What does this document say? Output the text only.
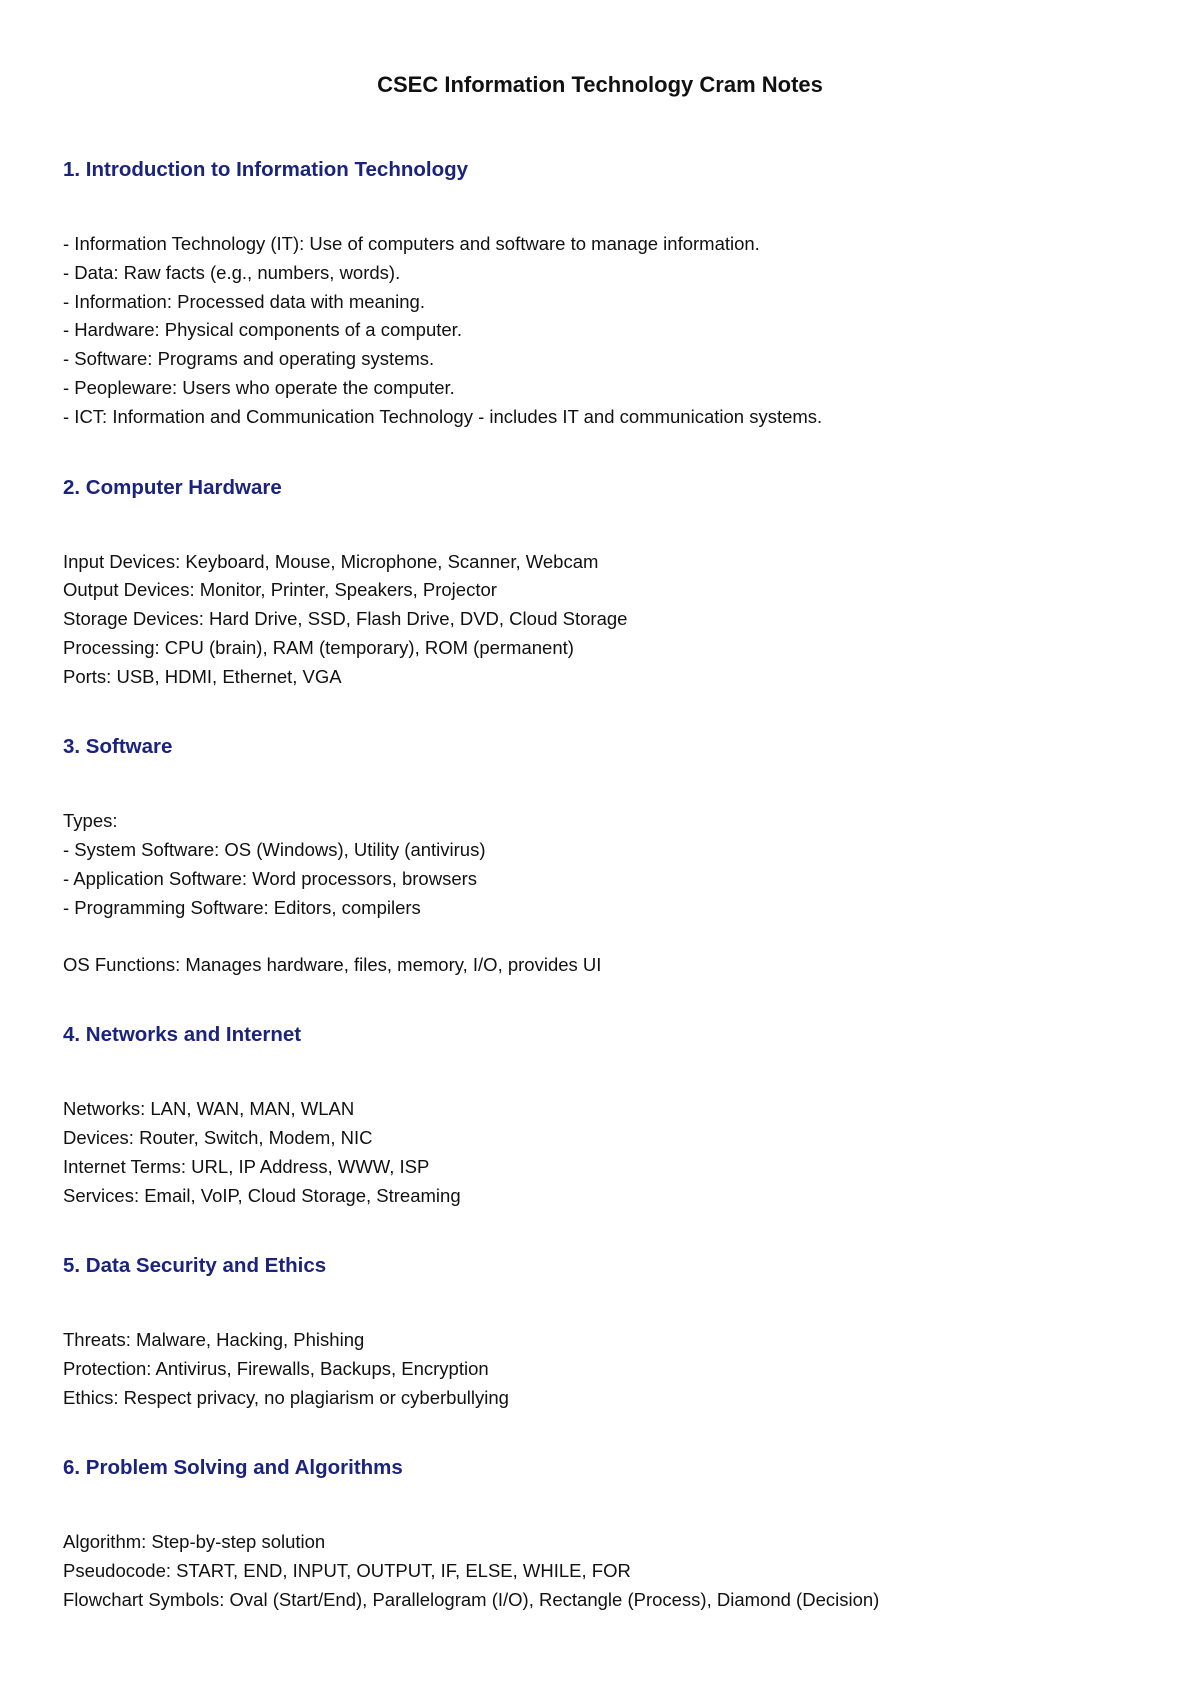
CSEC Information Technology Cram Notes
1. Introduction to Information Technology

- Information Technology (IT): Use of computers and software to manage information.

- Data: Raw facts (e.g., numbers, words).

- Information: Processed data with meaning.

- Hardware: Physical components of a computer.

- Software: Programs and operating systems.

- Peopleware: Users who operate the computer.

- ICT: Information and Communication Technology - includes IT and communication systems.

2. Computer Hardware

Input Devices: Keyboard, Mouse, Microphone, Scanner, Webcam

Output Devices: Monitor, Printer, Speakers, Projector

Storage Devices: Hard Drive, SSD, Flash Drive, DVD, Cloud Storage

Processing: CPU (brain), RAM (temporary), ROM (permanent)

Ports: USB, HDMI, Ethernet, VGA

3. Software

Types:

- System Software: OS (Windows), Utility (antivirus)

- Application Software: Word processors, browsers

- Programming Software: Editors, compilers

OS Functions: Manages hardware, files, memory, I/O, provides UI

4. Networks and Internet

Networks: LAN, WAN, MAN, WLAN

Devices: Router, Switch, Modem, NIC

Internet Terms: URL, IP Address, WWW, ISP

Services: Email, VoIP, Cloud Storage, Streaming

5. Data Security and Ethics

Threats: Malware, Hacking, Phishing

Protection: Antivirus, Firewalls, Backups, Encryption

Ethics: Respect privacy, no plagiarism or cyberbullying

6. Problem Solving and Algorithms

Algorithm: Step-by-step solution

Pseudocode: START, END, INPUT, OUTPUT, IF, ELSE, WHILE, FOR

Flowchart Symbols: Oval (Start/End), Parallelogram (I/O), Rectangle (Process), Diamond (Decision)
